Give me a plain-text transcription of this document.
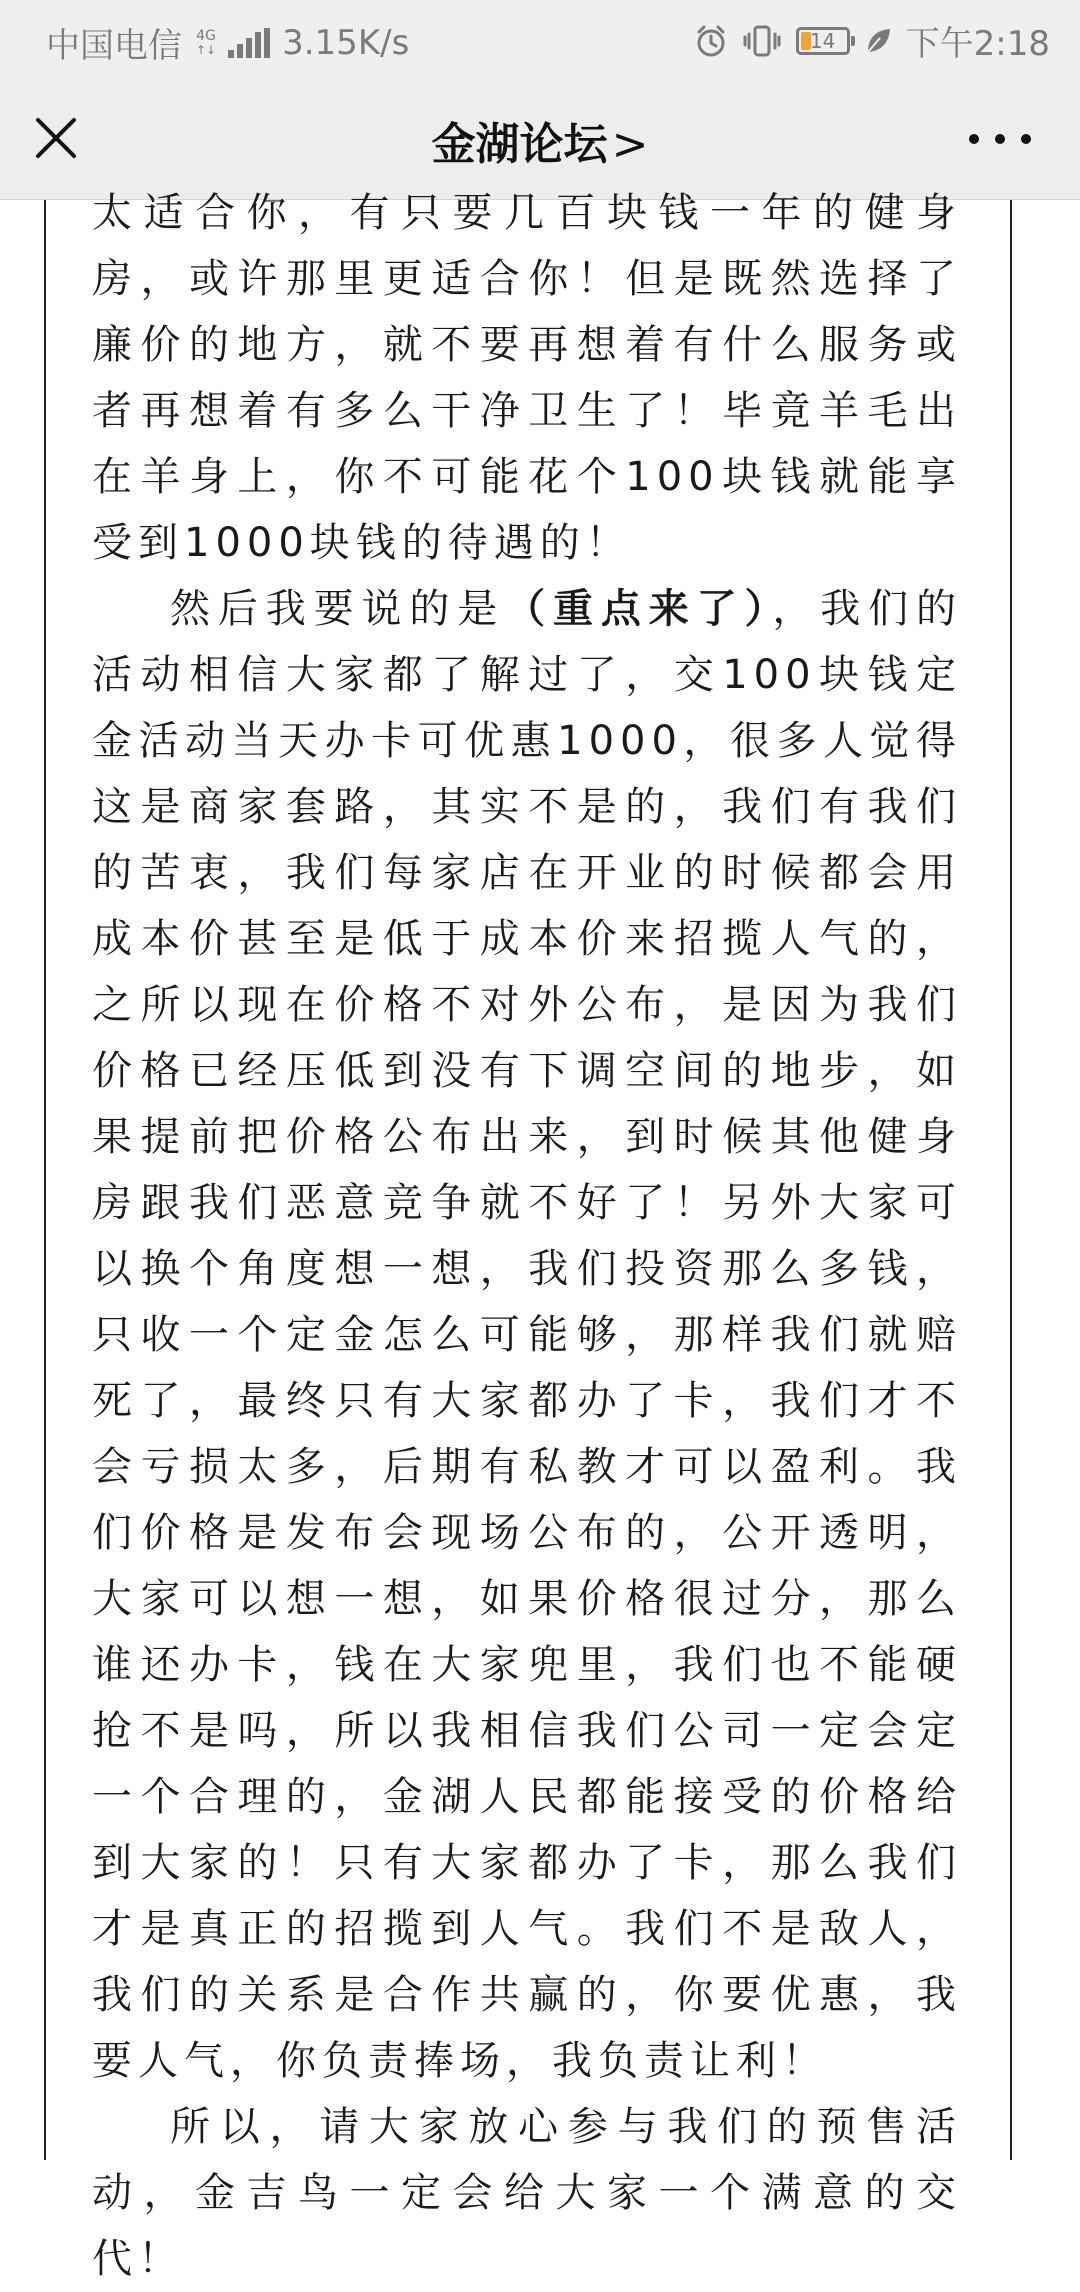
中国电信 4G
↑↓ 3.15K/s	14	下午2:18
金湖论坛>

太适合你，有只要几百块钱一年的健身房，或许那里更适合你！但是既然选择了廉价的地方，就不要再想着有什么服务或者再想着有多么干净卫生了！毕竟羊毛出在羊身上，你不可能花个100块钱就能享受到1000块钱的待遇的！

然后我要说的是（重点来了），我们的活动相信大家都了解过了，交100块钱定金活动当天办卡可优惠1000，很多人觉得这是商家套路，其实不是的，我们有我们的苦衷，我们每家店在开业的时候都会用成本价甚至是低于成本价来招揽人气的，之所以现在价格不对外公布，是因为我们价格已经压低到没有下调空间的地步，如果提前把价格公布出来，到时候其他健身房跟我们恶意竞争就不好了！另外大家可以换个角度想一想，我们投资那么多钱，只收一个定金怎么可能够，那样我们就赔死了，最终只有大家都办了卡，我们才不会亏损太多，后期有私教才可以盈利。我们价格是发布会现场公布的，公开透明，大家可以想一想，如果价格很过分，那么谁还办卡，钱在大家兜里，我们也不能硬抢不是吗，所以我相信我们公司一定会定一个合理的，金湖人民都能接受的价格给到大家的！只有大家都办了卡，那么我们才是真正的招揽到人气。我们不是敌人，我们的关系是合作共赢的，你要优惠，我要人气，你负责捧场，我负责让利！

所以，请大家放心参与我们的预售活动，金吉鸟一定会给大家一个满意的交代！
